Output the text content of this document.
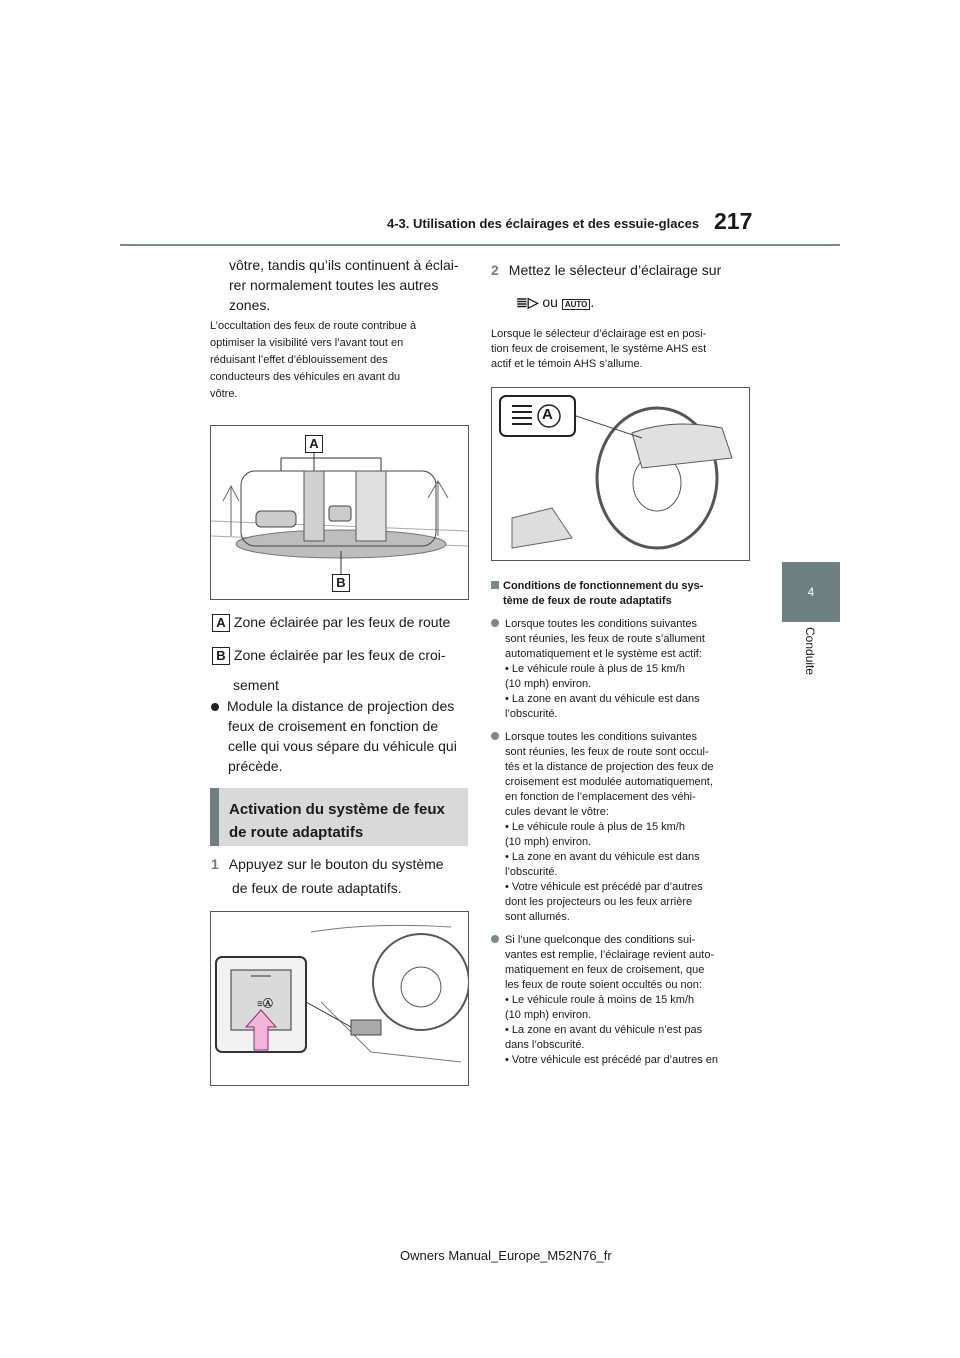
4-3. Utilisation des éclairages et des essuie-glaces 217
4
Conduite
vôtre, tandis qu’ils continuent à éclai-
rer normalement toutes les autres
zones.
L’occultation des feux de route contribue à
optimiser la visibilité vers l’avant tout en
réduisant l’effet d’éblouissement des
conducteurs des véhicules en avant du
vôtre.
A
B
A Zone éclairée par les feux de route
B Zone éclairée par les feux de croi-
sement
Module la distance de projection des
feux de croisement en fonction de
celle qui vous sépare du véhicule qui
précède.
Activation du système de feux
de route adaptatifs
1 Appuyez sur le bouton du système
de feux de route adaptatifs.
≡Ⓐ
2 Mettez le sélecteur d’éclairage sur
≣▷ ou AUTO .
Lorsque le sélecteur d’éclairage est en posi-
tion feux de croisement, le système AHS est
actif et le témoin AHS s’allume.
A
Conditions de fonctionnement du sys-
tème de feux de route adaptatifs
Lorsque toutes les conditions suivantes
sont réunies, les feux de route s’allument
automatiquement et le système est actif:
• Le véhicule roule à plus de 15 km/h
(10 mph) environ.
• La zone en avant du véhicule est dans
l’obscurité.
Lorsque toutes les conditions suivantes
sont réunies, les feux de route sont occul-
tés et la distance de projection des feux de
croisement est modulée automatiquement,
en fonction de l’emplacement des véhi-
cules devant le vôtre:
• Le véhicule roule à plus de 15 km/h
(10 mph) environ.
• La zone en avant du véhicule est dans
l’obscurité.
• Votre véhicule est précédé par d’autres
dont les projecteurs ou les feux arrière
sont allumés.
Si l’une quelconque des conditions sui-
vantes est remplie, l’éclairage revient auto-
matiquement en feux de croisement, que
les feux de route soient occultés ou non:
• Le véhicule roule à moins de 15 km/h
(10 mph) environ.
• La zone en avant du véhicule n’est pas
dans l’obscurité.
• Votre véhicule est précédé par d’autres en
Owners Manual_Europe_M52N76_fr
